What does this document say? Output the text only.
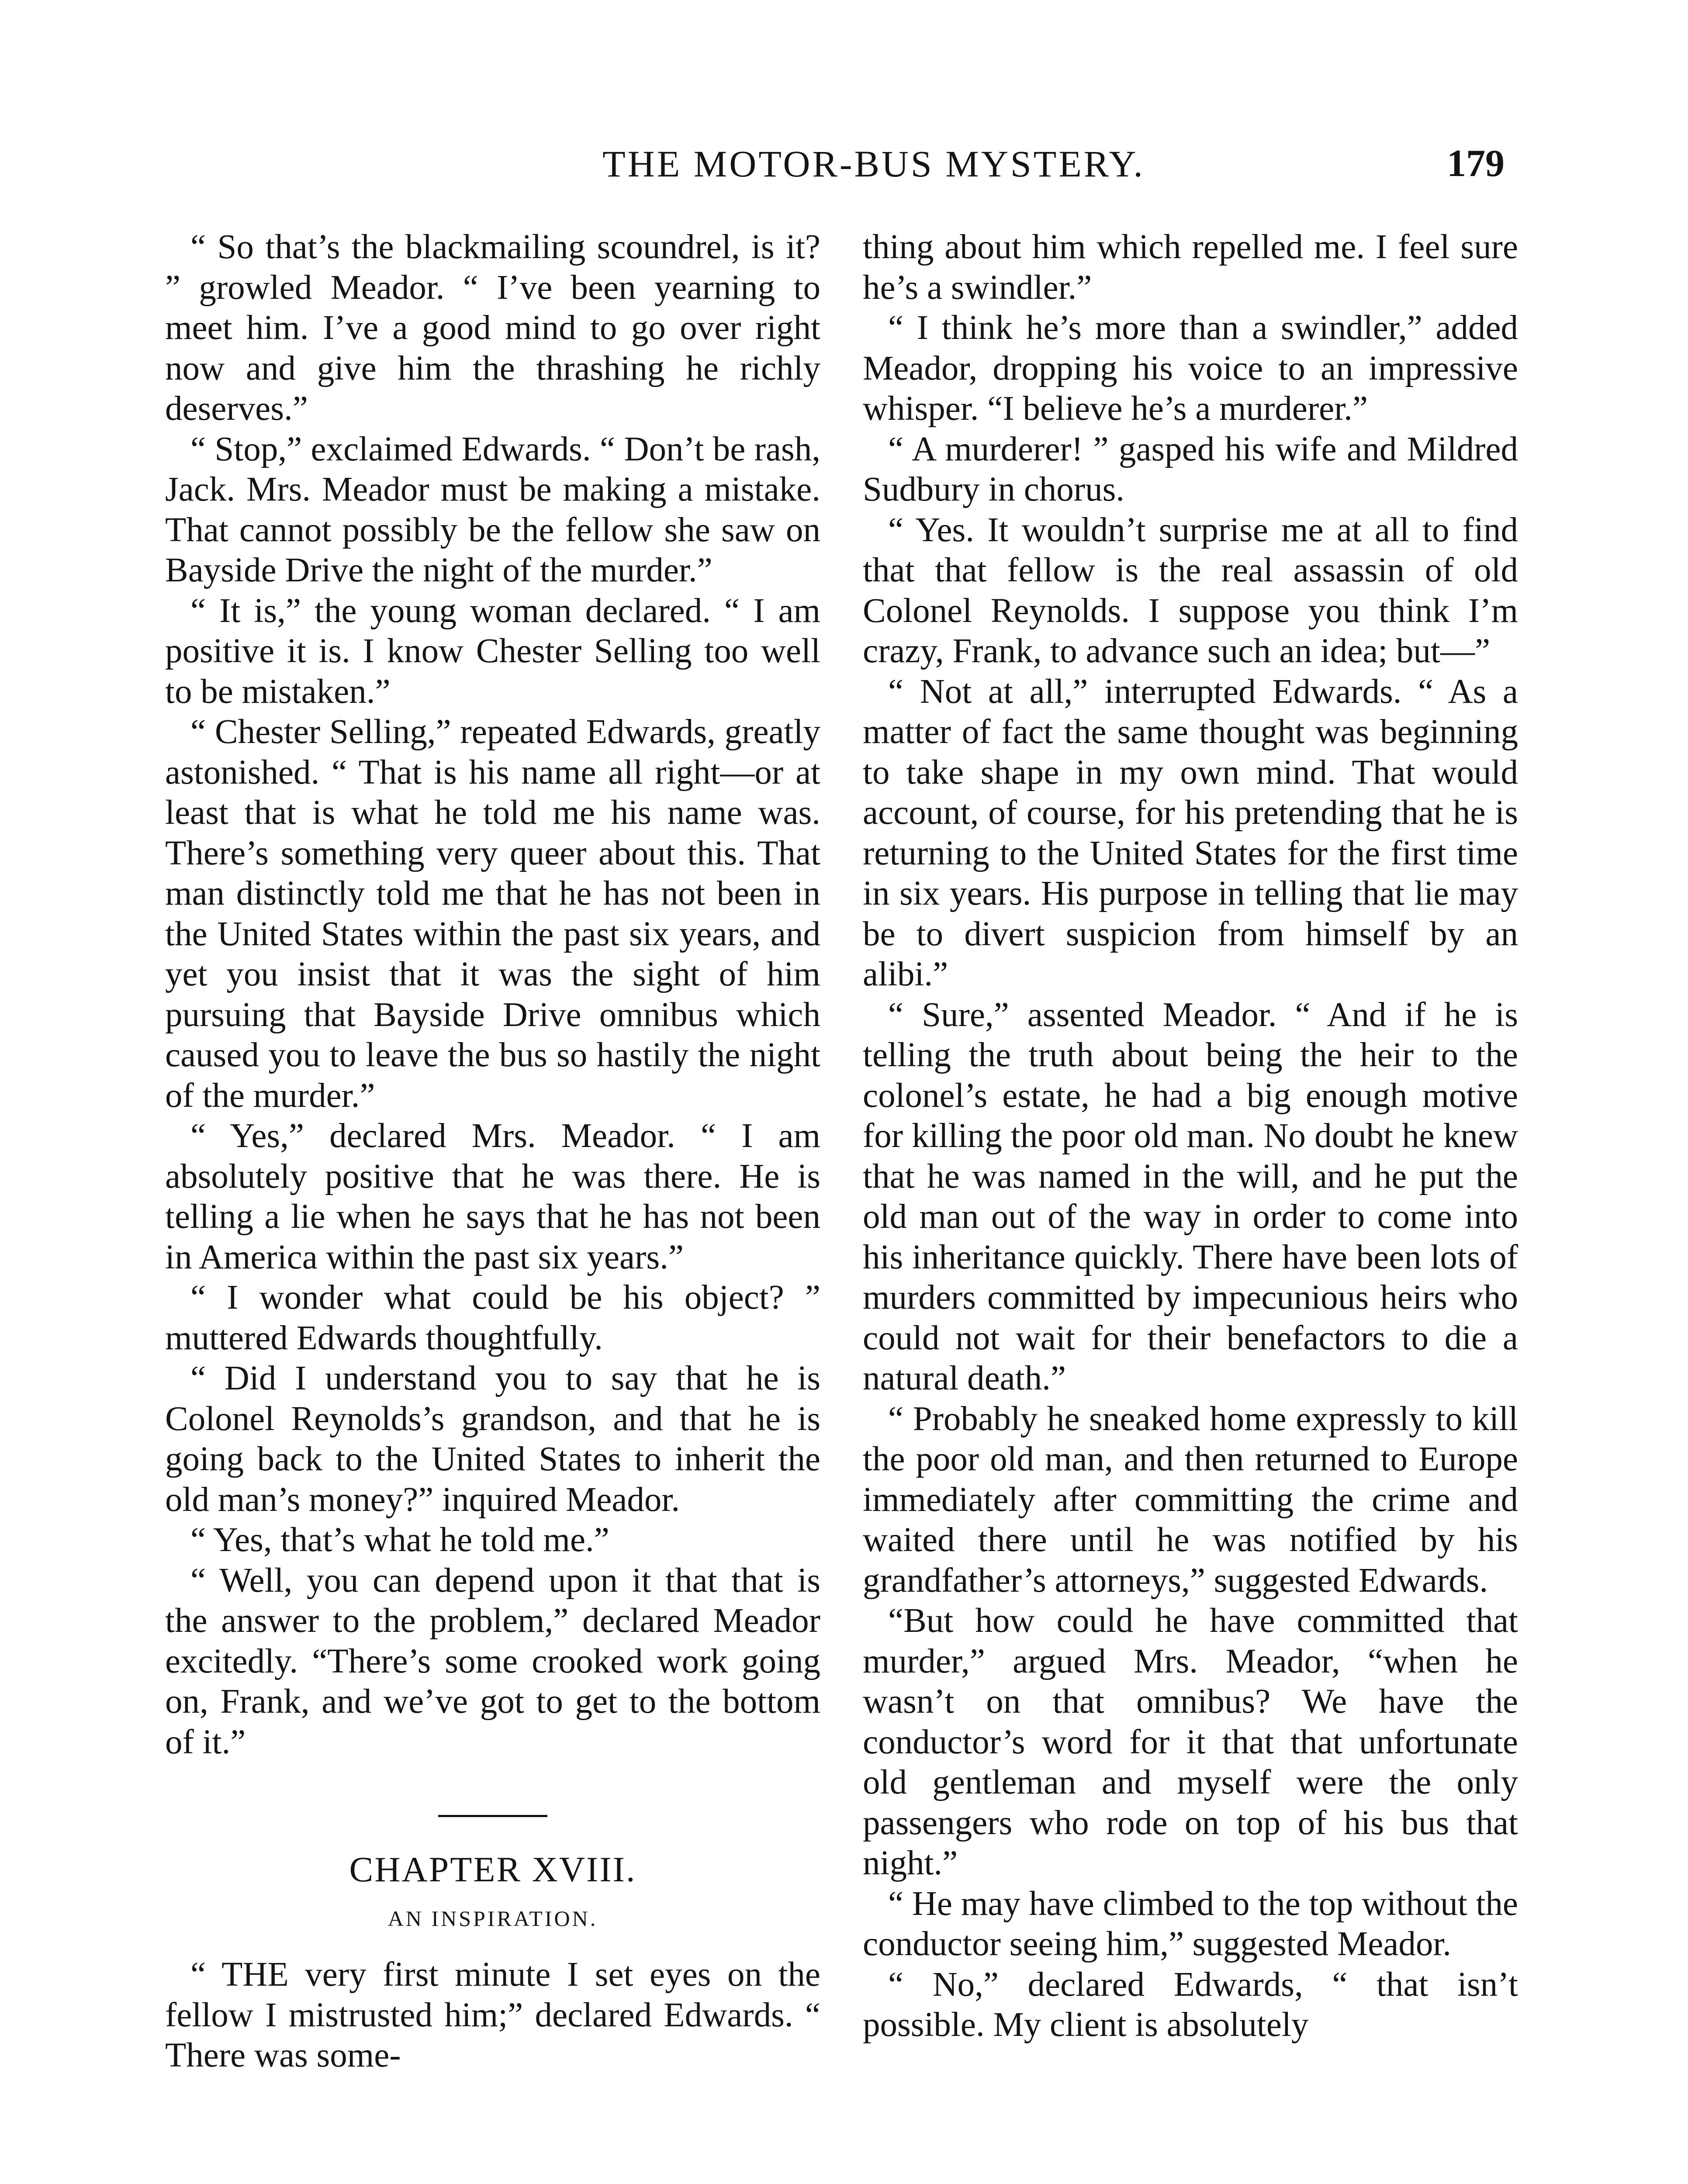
THE MOTOR-BUS MYSTERY.	179

“ So that’s the blackmailing scoundrel, is it? ” growled Meador. “ I’ve been yearning to meet him. I’ve a good mind to go over right now and give him the thrashing he richly deserves.”

“ Stop,” exclaimed Edwards. “ Don’t be rash, Jack. Mrs. Meador must be making a mistake. That cannot possibly be the fellow she saw on Bayside Drive the night of the murder.”

“ It is,” the young woman declared. “ I am positive it is. I know Chester Selling too well to be mistaken.”

“ Chester Selling,” repeated Edwards, greatly astonished. “ That is his name all right—or at least that is what he told me his name was. There’s something very queer about this. That man distinctly told me that he has not been in the United States within the past six years, and yet you insist that it was the sight of him pursuing that Bayside Drive omnibus which caused you to leave the bus so hastily the night of the murder.”

“ Yes,” declared Mrs. Meador. “ I am absolutely positive that he was there. He is telling a lie when he says that he has not been in America within the past six years.”

“ I wonder what could be his object? ” muttered Edwards thoughtfully.

“ Did I understand you to say that he is Colonel Reynolds’s grandson, and that he is going back to the United States to inherit the old man’s money?” inquired Meador.

“ Yes, that’s what he told me.”

“ Well, you can depend upon it that that is the answer to the problem,” declared Meador excitedly. “There’s some crooked work going on, Frank, and we’ve got to get to the bottom of it.”

CHAPTER XVIII.
AN INSPIRATION.

“ THE very first minute I set eyes on the fellow I mistrusted him;” declared Edwards. “ There was some-

thing about him which repelled me. I feel sure he’s a swindler.”

“ I think he’s more than a swindler,” added Meador, dropping his voice to an impressive whisper. “I believe he’s a murderer.”

“ A murderer! ” gasped his wife and Mildred Sudbury in chorus.

“ Yes. It wouldn’t surprise me at all to find that that fellow is the real assassin of old Colonel Reynolds. I suppose you think I’m crazy, Frank, to advance such an idea; but—”

“ Not at all,” interrupted Edwards. “ As a matter of fact the same thought was beginning to take shape in my own mind. That would account, of course, for his pretending that he is returning to the United States for the first time in six years. His purpose in telling that lie may be to divert suspicion from himself by an alibi.”

“ Sure,” assented Meador. “ And if he is telling the truth about being the heir to the colonel’s estate, he had a big enough motive for killing the poor old man. No doubt he knew that he was named in the will, and he put the old man out of the way in order to come into his inheritance quickly. There have been lots of murders committed by impecunious heirs who could not wait for their benefactors to die a natural death.”

“ Probably he sneaked home expressly to kill the poor old man, and then returned to Europe immediately after committing the crime and waited there until he was notified by his grandfather’s attorneys,” suggested Edwards.

“But how could he have committed that murder,” argued Mrs. Meador, “when he wasn’t on that omnibus? We have the conductor’s word for it that that unfortunate old gentleman and myself were the only passengers who rode on top of his bus that night.”

“ He may have climbed to the top without the conductor seeing him,” suggested Meador.

“ No,” declared Edwards, “ that isn’t possible. My client is absolutely
